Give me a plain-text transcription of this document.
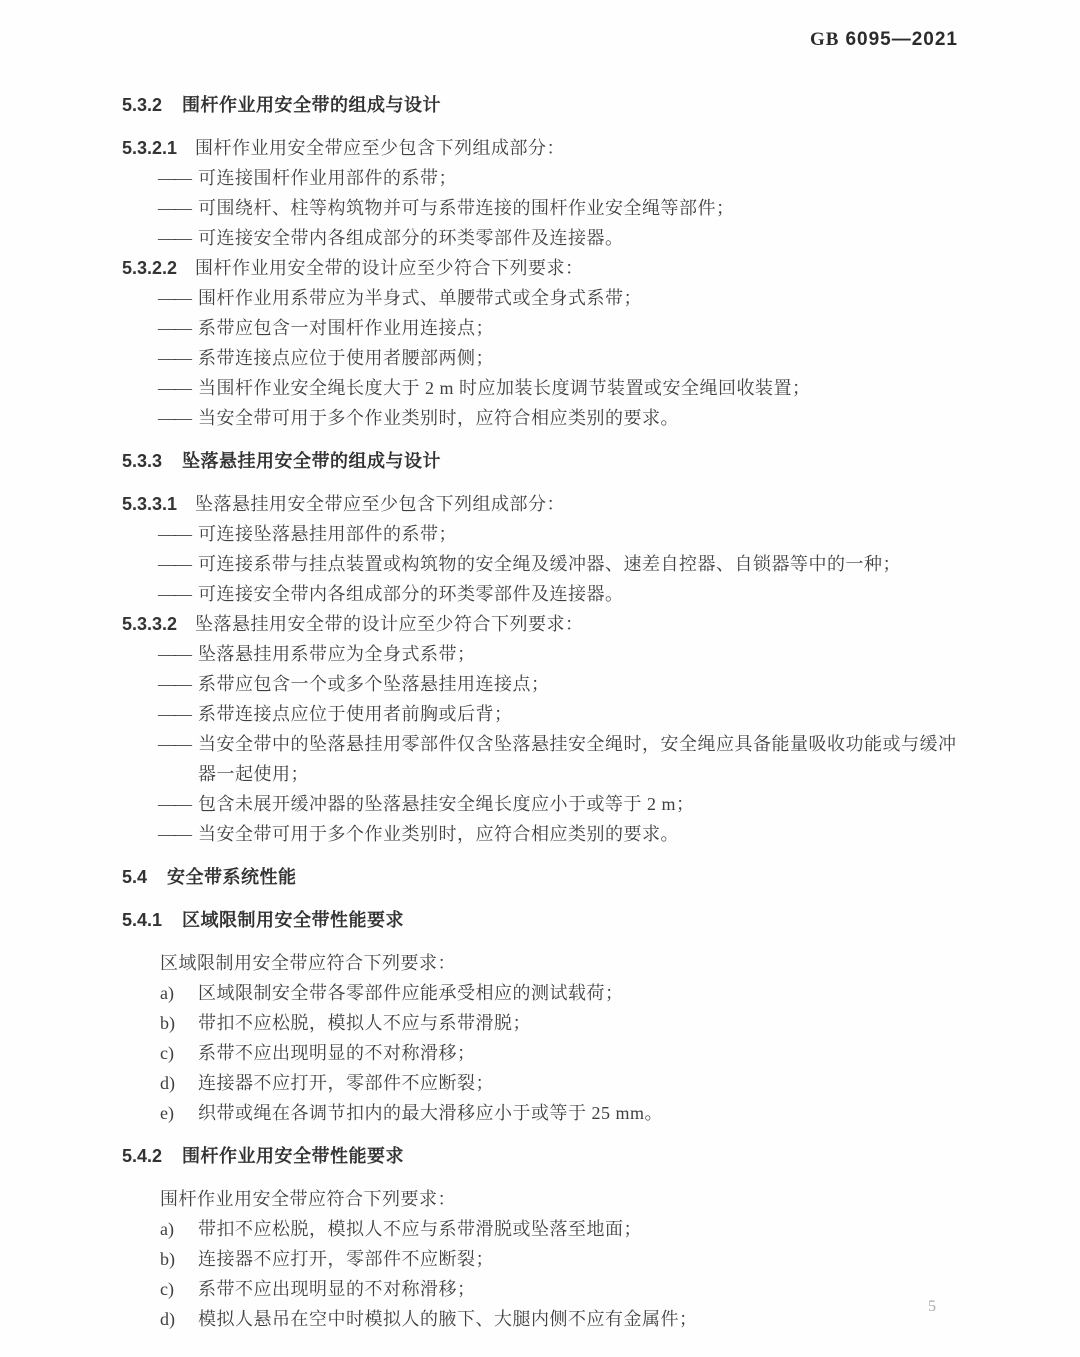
GB 6095—2021
5.3.2 围杆作业用安全带的组成与设计

5.3.2.1 围杆作业用安全带应至少包含下列组成部分：

—— 可连接围杆作业用部件的系带；
—— 可围绕杆、柱等构筑物并可与系带连接的围杆作业安全绳等部件；
—— 可连接安全带内各组成部分的环类零部件及连接器。

5.3.2.2 围杆作业用安全带的设计应至少符合下列要求：

—— 围杆作业用系带应为半身式、单腰带式或全身式系带；
—— 系带应包含一对围杆作业用连接点；
—— 系带连接点应位于使用者腰部两侧；
—— 当围杆作业安全绳长度大于 2 m 时应加装长度调节装置或安全绳回收装置；
—— 当安全带可用于多个作业类别时，应符合相应类别的要求。
5.3.3 坠落悬挂用安全带的组成与设计

5.3.3.1 坠落悬挂用安全带应至少包含下列组成部分：

—— 可连接坠落悬挂用部件的系带；
—— 可连接系带与挂点装置或构筑物的安全绳及缓冲器、速差自控器、自锁器等中的一种；
—— 可连接安全带内各组成部分的环类零部件及连接器。

5.3.3.2 坠落悬挂用安全带的设计应至少符合下列要求：

—— 坠落悬挂用系带应为全身式系带；
—— 系带应包含一个或多个坠落悬挂用连接点；
—— 系带连接点应位于使用者前胸或后背；
—— 当安全带中的坠落悬挂用零部件仅含坠落悬挂安全绳时，安全绳应具备能量吸收功能或与缓冲器一起使用；
—— 包含未展开缓冲器的坠落悬挂安全绳长度应小于或等于 2 m；
—— 当安全带可用于多个作业类别时，应符合相应类别的要求。
5.4 安全带系统性能
5.4.1 区域限制用安全带性能要求

区域限制用安全带应符合下列要求：

a)	区域限制安全带各零部件应能承受相应的测试载荷；
b)	带扣不应松脱，模拟人不应与系带滑脱；
c)	系带不应出现明显的不对称滑移；
d)	连接器不应打开，零部件不应断裂；
e)	织带或绳在各调节扣内的最大滑移应小于或等于 25 mm。
5.4.2 围杆作业用安全带性能要求

围杆作业用安全带应符合下列要求：

a)	带扣不应松脱，模拟人不应与系带滑脱或坠落至地面；
b)	连接器不应打开，零部件不应断裂；
c)	系带不应出现明显的不对称滑移；
d)	模拟人悬吊在空中时模拟人的腋下、大腿内侧不应有金属件；
5
